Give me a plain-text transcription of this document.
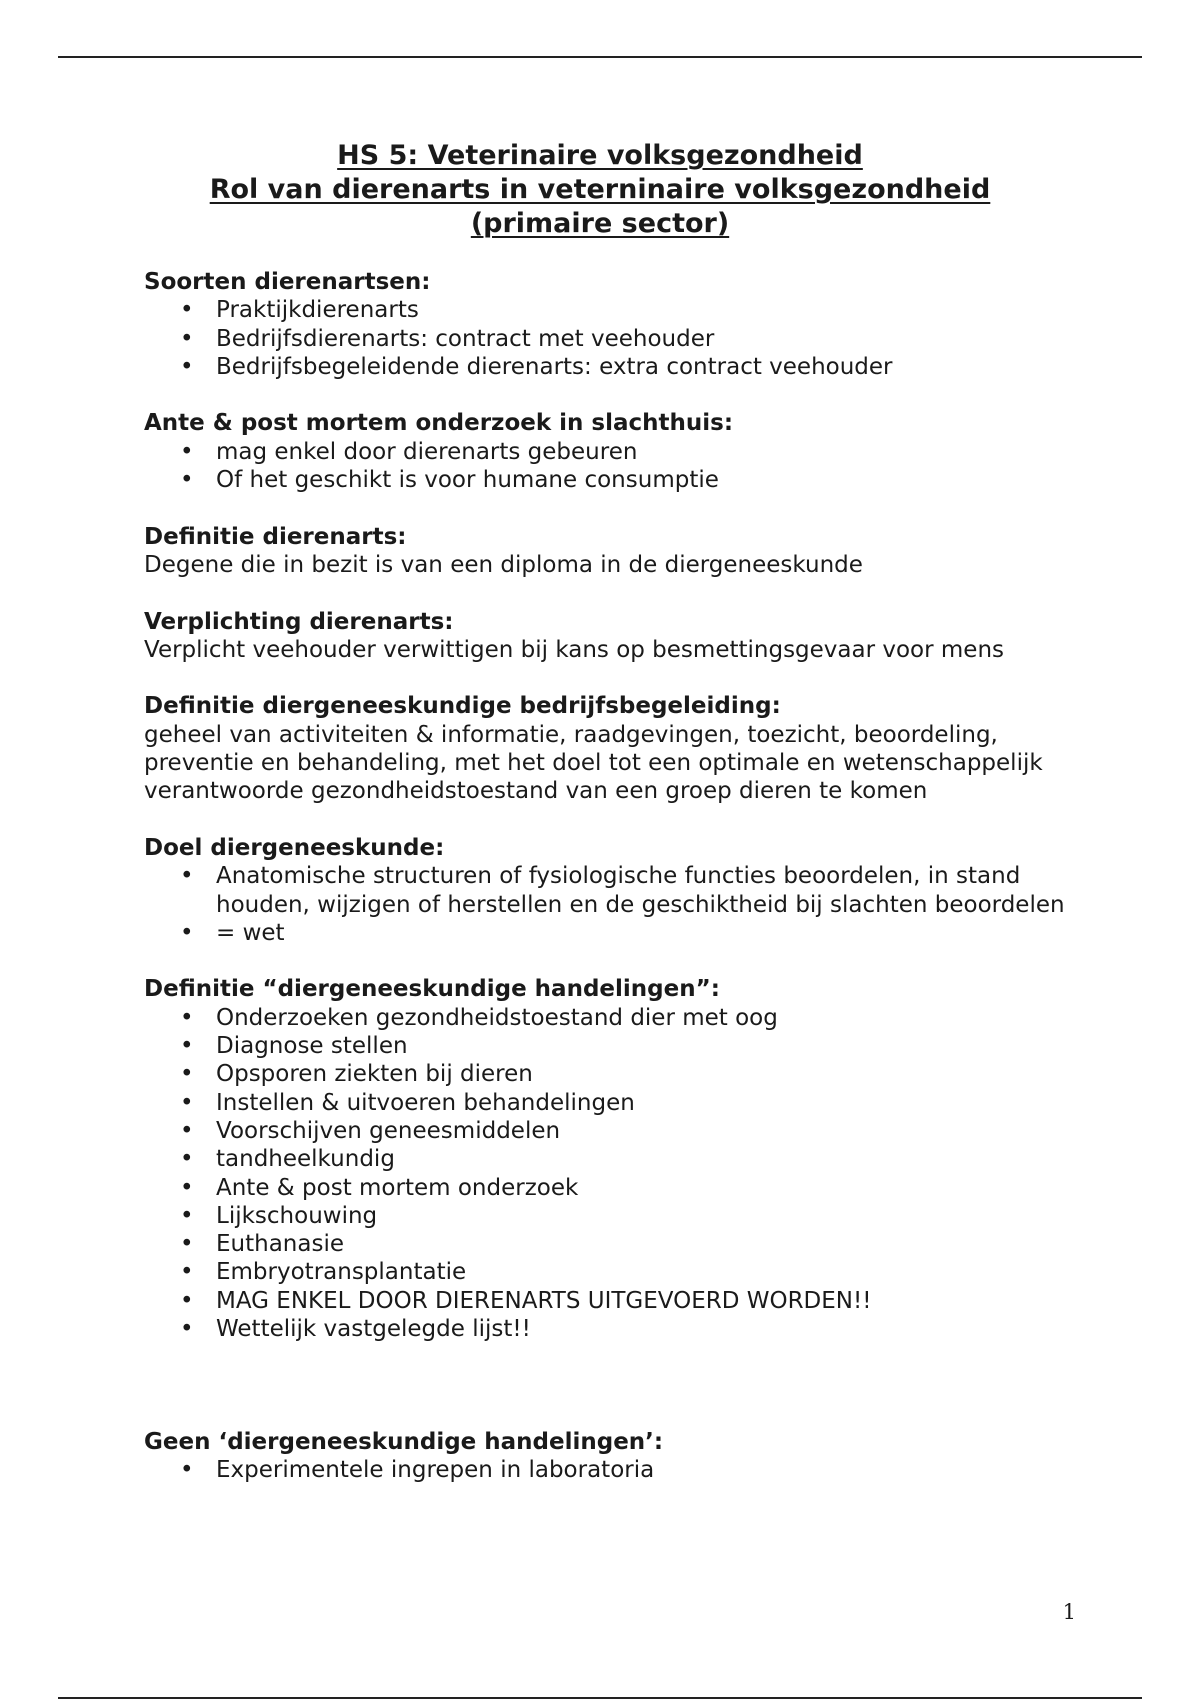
HS 5: Veterinaire volksgezondheid
Rol van dierenarts in veterninaire volksgezondheid
(primaire sector)
Soorten dierenartsen:
• Praktijkdierenarts
• Bedrijfsdierenarts: contract met veehouder
• Bedrijfsbegeleidende dierenarts: extra contract veehouder
Ante & post mortem onderzoek in slachthuis:
• mag enkel door dierenarts gebeuren
• Of het geschikt is voor humane consumptie
Definitie dierenarts:
Degene die in bezit is van een diploma in de diergeneeskunde
Verplichting dierenarts:
Verplicht veehouder verwittigen bij kans op besmettingsgevaar voor mens
Definitie diergeneeskundige bedrijfsbegeleiding:
geheel van activiteiten & informatie, raadgevingen, toezicht, beoordeling, preventie en behandeling, met het doel tot een optimale en wetenschappelijk verantwoorde gezondheidstoestand van een groep dieren te komen
Doel diergeneeskunde:
• Anatomische structuren of fysiologische functies beoordelen, in stand houden, wijzigen of herstellen en de geschiktheid bij slachten beoordelen
• = wet
Definitie “diergeneeskundige handelingen”:
• Onderzoeken gezondheidstoestand dier met oog
• Diagnose stellen
• Opsporen ziekten bij dieren
• Instellen & uitvoeren behandelingen
• Voorschijven geneesmiddelen
• tandheelkundig
• Ante & post mortem onderzoek
• Lijkschouwing
• Euthanasie
• Embryotransplantatie
• MAG ENKEL DOOR DIERENARTS UITGEVOERD WORDEN!!
• Wettelijk vastgelegde lijst!!
Geen ‘diergeneeskundige handelingen’:
• Experimentele ingrepen in laboratoria
1
